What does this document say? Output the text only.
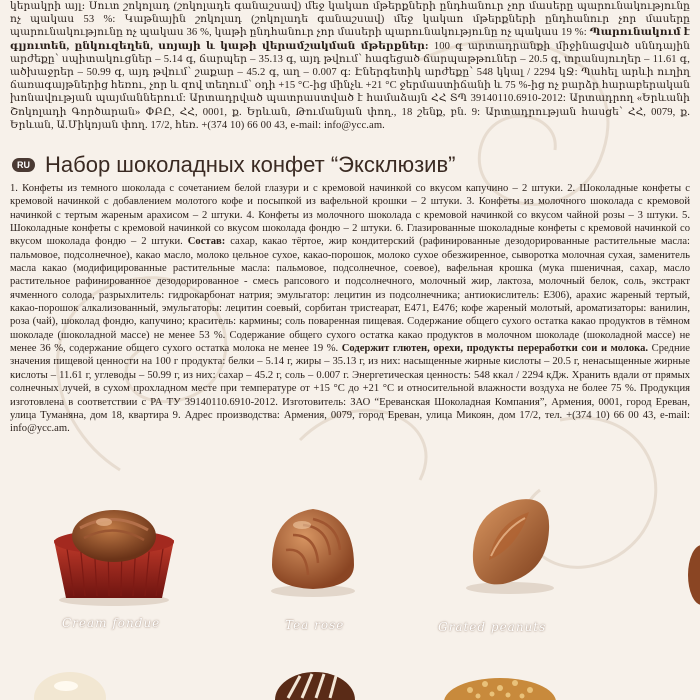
կերակրի այլ։ Սուտ շոկոլադ (շոկոլադե գանաշսավ) մեջ կակաո մթերքների ընդհանուր չոր մասերը պարունակությունը ոչ պակաս 53 %: Կաթնային շոկոլադ (շոկոլադե գանաշսավ) մեջ կակաո մթերքների ընդհանուր չոր մասերը պարունակությունը ոչ պակաս 36 %, կաթի ընդհանուր չոր մասերի պարունակությունը ոչ պակաս 19 %: Պարունակում է գլյուտեն, ընկուզեղեն, սոյայի և կաթի վերամշակման մթերքներ: 100 գ արտադրանքի միջինացված սննդային արժեքը՝ սպիտակուցներ – 5.14 գ, ճարպեր – 35.13 գ, այդ թվում՝ հագեցած ճարպաթթուներ – 20.5 գ, տրանսյուղեր – 11.61 գ, ածխաջրեր – 50.99 գ, այդ թվում՝ շաքար – 45.2 գ, աղ – 0.007 գ: Էներգետիկ արժեքը՝ 548 կկալ / 2294 կՋ: Պահել արևի ուղիղ ճառագայթներից հեռու, չոր և զով տեղում՝ օդի +15 °C-ից մինչև +21 °C ջերմաստիճանի և 75 %-ից ոչ բարձր հարաբերական խոնավության պայմաններում: Արտադրված պատրաստված է համաձայն ՀՀ ՏՊ 39140110.6910-2012: Արտադրող «Երևանի Շոկոլադի Գործարան» ՓԲԸ, ՀՀ, 0001, ք. Երևան, Թումանյան փող., 18 շենք, բն. 9: Արտադրության հասցե՝ ՀՀ, 0079, ք. Երևան, Ա.Միկոյան փող. 17/2, հեռ. +(374 10) 66 00 43, e-mail: info@ycc.am.
RU Набор шоколадных конфет “Эксклюзив”
1. Конфеты из темного шоколада с сочетанием белой глазури и с кремовой начинкой со вкусом капучино – 2 штуки. 2. Шоколадные конфеты с кремовой начинкой с добавлением молотого кофе и посыпкой из вафельной крошки – 2 штуки. 3. Конфеты из молочного шоколада с кремовой начинкой с тертым жареным арахисом – 2 штуки. 4. Конфеты из молочного шоколада с кремовой начинкой со вкусом чайной розы – 3 штуки. 5. Шоколадные конфеты с кремовой начинкой со вкусом шоколада фондю – 2 штуки. 6. Глазированные шоколадные конфеты с кремовой начинкой со вкусом шоколада фондю – 2 штуки. Состав: сахар, какао тёртое, жир кондитерский (рафинированные дезодорированные растительные масла: пальмовое, подсолнечное), какао масло, молоко цельное сухое, какао-порошок, молоко сухое обезжиренное, сыворотка молочная сухая, заменитель масла какао (модифицированные растительные масла: пальмовое, подсолнечное, соевое), вафельная крошка (мука пшеничная, сахар, масло растительное рафинированное дезодорированное - смесь рапсового и подсолнечного, молочный жир, лактоза, молочный белок, соль, экстракт ячменного солода, разрыхлитель: гидрокарбонат натрия; эмульгатор: лецитин из подсолнечника; антиокислитель: Е306), арахис жареный тертый, какао-порошок алкализованный, эмульгаторы: лецитин соевый, сорбитан тристеарат, Е471, Е476; кофе жареный молотый, ароматизаторы: ванилин, роза (чай), шоколад фондю, капучино; краситель: кармины; соль поваренная пищевая. Содержание общего сухого остатка какао продуктов в тёмном шоколаде (шоколадной массе) не менее 53 %. Содержание общего сухого остатка какао продуктов в молочном шоколаде (шоколадной массе) не менее 36 %, содержание общего сухого остатка молока не менее 19 %. Содержит глютен, орехи, продукты переработки сои и молока. Средние значения пищевой ценности на 100 г продукта: белки – 5.14 г, жиры – 35.13 г, из них: насыщенные жирные кислоты – 20.5 г, ненасыщенные жирные кислоты – 11.61 г, углеводы – 50.99 г, из них: сахар – 45.2 г, соль – 0.007 г. Энергетическая ценность: 548 ккал / 2294 кДж. Хранить вдали от прямых солнечных лучей, в сухом прохладном месте при температуре от +15 °С до +21 °С и относительной влажности воздуха не более 75 %. Продукция изготовлена в соответствии с РА ТУ 39140110.6910-2012. Изготовитель: ЗАО “Ереванская Шоколадная Компания”, Армения, 0001, город Ереван, улица Туманяна, дом 18, квартира 9. Адрес производства: Армения, 0079, город Ереван, улица Микоян, дом 17/2, тел. +(374 10) 66 00 43, e-mail: info@ycc.am.
Cream fondue	Tea rose	Grated peanuts
